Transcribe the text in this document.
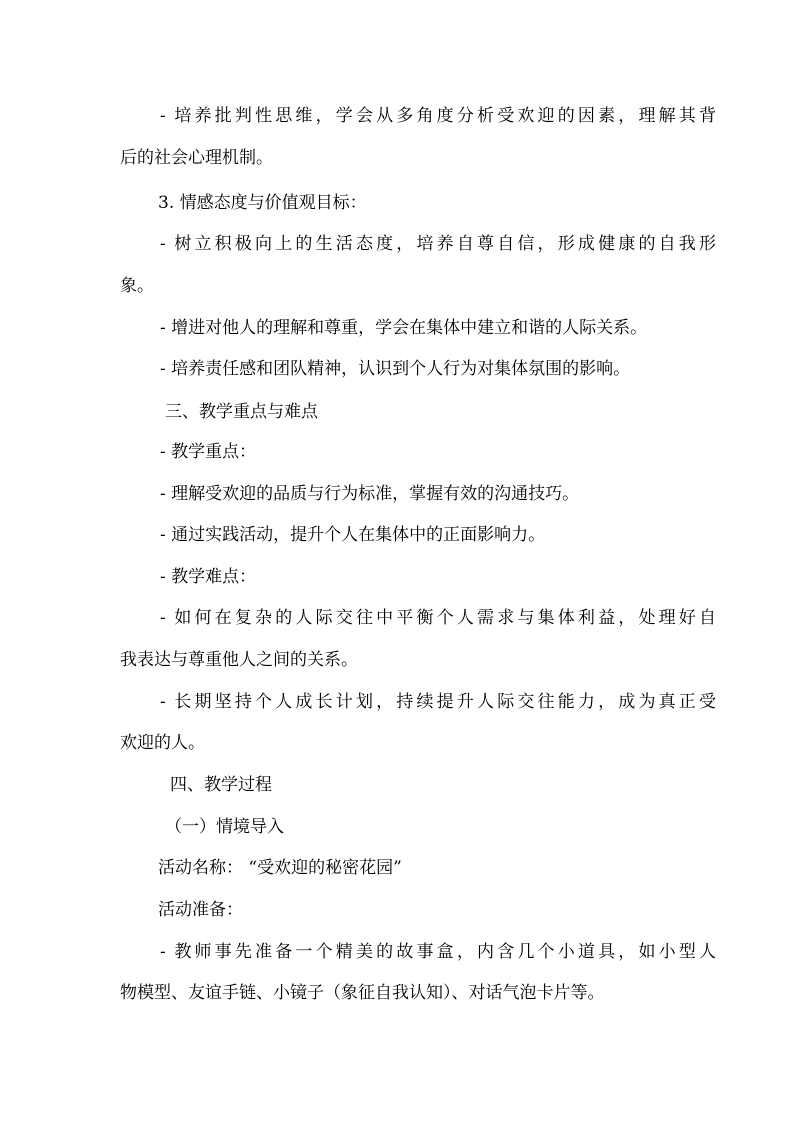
- 培养批判性思维，学会从多角度分析受欢迎的因素，理解其背
后的社会心理机制。
3. 情感态度与价值观目标：
- 树立积极向上的生活态度，培养自尊自信，形成健康的自我形
象。
- 增进对他人的理解和尊重，学会在集体中建立和谐的人际关系。
- 培养责任感和团队精神，认识到个人行为对集体氛围的影响。
三、教学重点与难点
- 教学重点：
- 理解受欢迎的品质与行为标准，掌握有效的沟通技巧。
- 通过实践活动，提升个人在集体中的正面影响力。
- 教学难点：
- 如何在复杂的人际交往中平衡个人需求与集体利益，处理好自
我表达与尊重他人之间的关系。
- 长期坚持个人成长计划，持续提升人际交往能力，成为真正受
欢迎的人。
四、教学过程
（一）情境导入
活动名称： “受欢迎的秘密花园”
活动准备：
- 教师事先准备一个精美的故事盒，内含几个小道具，如小型人
物模型、友谊手链、小镜子（象征自我认知）、对话气泡卡片等。
